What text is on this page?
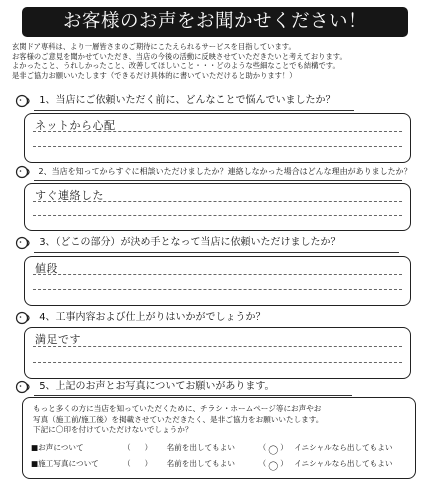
お客様のお声をお聞かせください！
玄関ドア専科は、より一層皆さまのご期待にこたえられるサービスを目指しています。
お客様のご意見を聞かせていただき、当店の今後の活動に反映させていただきたいと考えております。
よかったこと、うれしかったこと、改善してほしいこと・・・どのような些細なことでも結構です。
是非ご協力お願いいたします（できるだけ具体的に書いていただけると助かります！）
1、当店にご依頼いただく前に、どんなことで悩んでいましたか？
ネットから心配
2、当店を知ってからすぐに相談いただけましたか？連絡しなかった場合はどんな理由がありましたか？
すぐ連絡した
3、（どこの部分）が決め手となって当店に依頼いただけましたか？
値段
4、工事内容および仕上がりはいかがでしょうか？
満足です
5、上記のお声とお写真についてお願いがあります。
もっと多くの方に当店を知っていただくために、チラシ・ホームページ等にお声やお
写真（施工前/施工後）を掲載させていただきたく、是非ご協力をお願いいたします。
下記に〇印を付けていただけないでしょうか？
■お声について	（ ）	名前を出してもよい	（ 〇 ） イニシャルなら出してもよい
■施工写真について	（ ）	名前を出してもよい	（ 〇 ） イニシャルなら出してもよい
